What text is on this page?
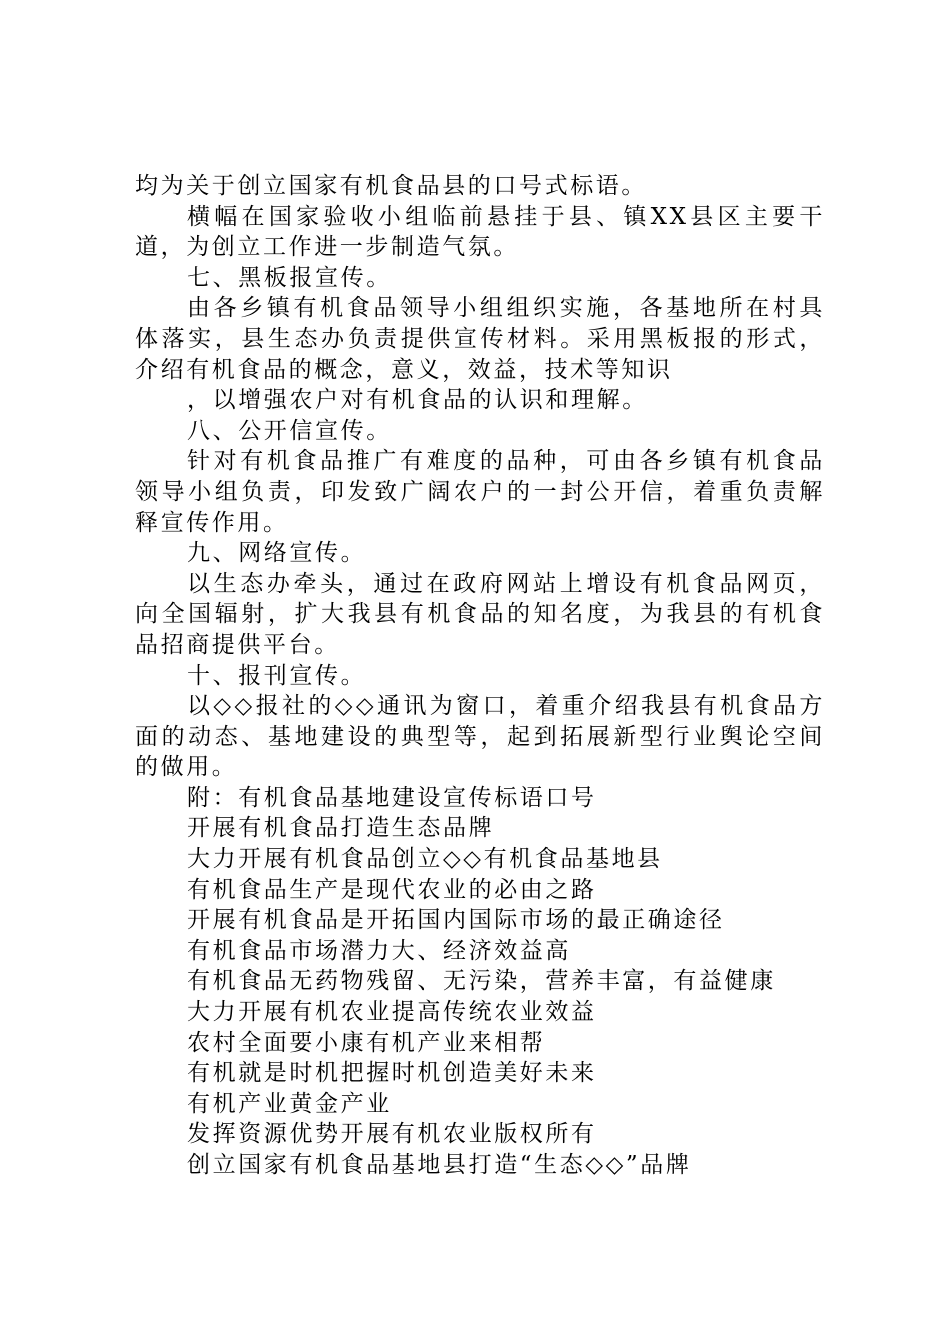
均为关于创立国家有机食品县的口号式标语。

横幅在国家验收小组临前悬挂于县、镇XX县区主要干道，为创立工作进一步制造气氛。

七、黑板报宣传。

由各乡镇有机食品领导小组组织实施，各基地所在村具体落实，县生态办负责提供宣传材料。采用黑板报的形式，介绍有机食品的概念，意义，效益，技术等知识

，以增强农户对有机食品的认识和理解。

八、公开信宣传。

针对有机食品推广有难度的品种，可由各乡镇有机食品领导小组负责，印发致广阔农户的一封公开信，着重负责解释宣传作用。

九、网络宣传。

以生态办牵头，通过在政府网站上增设有机食品网页，向全国辐射，扩大我县有机食品的知名度，为我县的有机食品招商提供平台。

十、报刊宣传。

以◇◇报社的◇◇通讯为窗口，着重介绍我县有机食品方面的动态、基地建设的典型等，起到拓展新型行业舆论空间的做用。

附：有机食品基地建设宣传标语口号

开展有机食品打造生态品牌

大力开展有机食品创立◇◇有机食品基地县

有机食品生产是现代农业的必由之路

开展有机食品是开拓国内国际市场的最正确途径

有机食品市场潜力大、经济效益高

有机食品无药物残留、无污染，营养丰富，有益健康

大力开展有机农业提高传统农业效益

农村全面要小康有机产业来相帮

有机就是时机把握时机创造美好未来

有机产业黄金产业

发挥资源优势开展有机农业版权所有

创立国家有机食品基地县打造“生态◇◇”品牌
